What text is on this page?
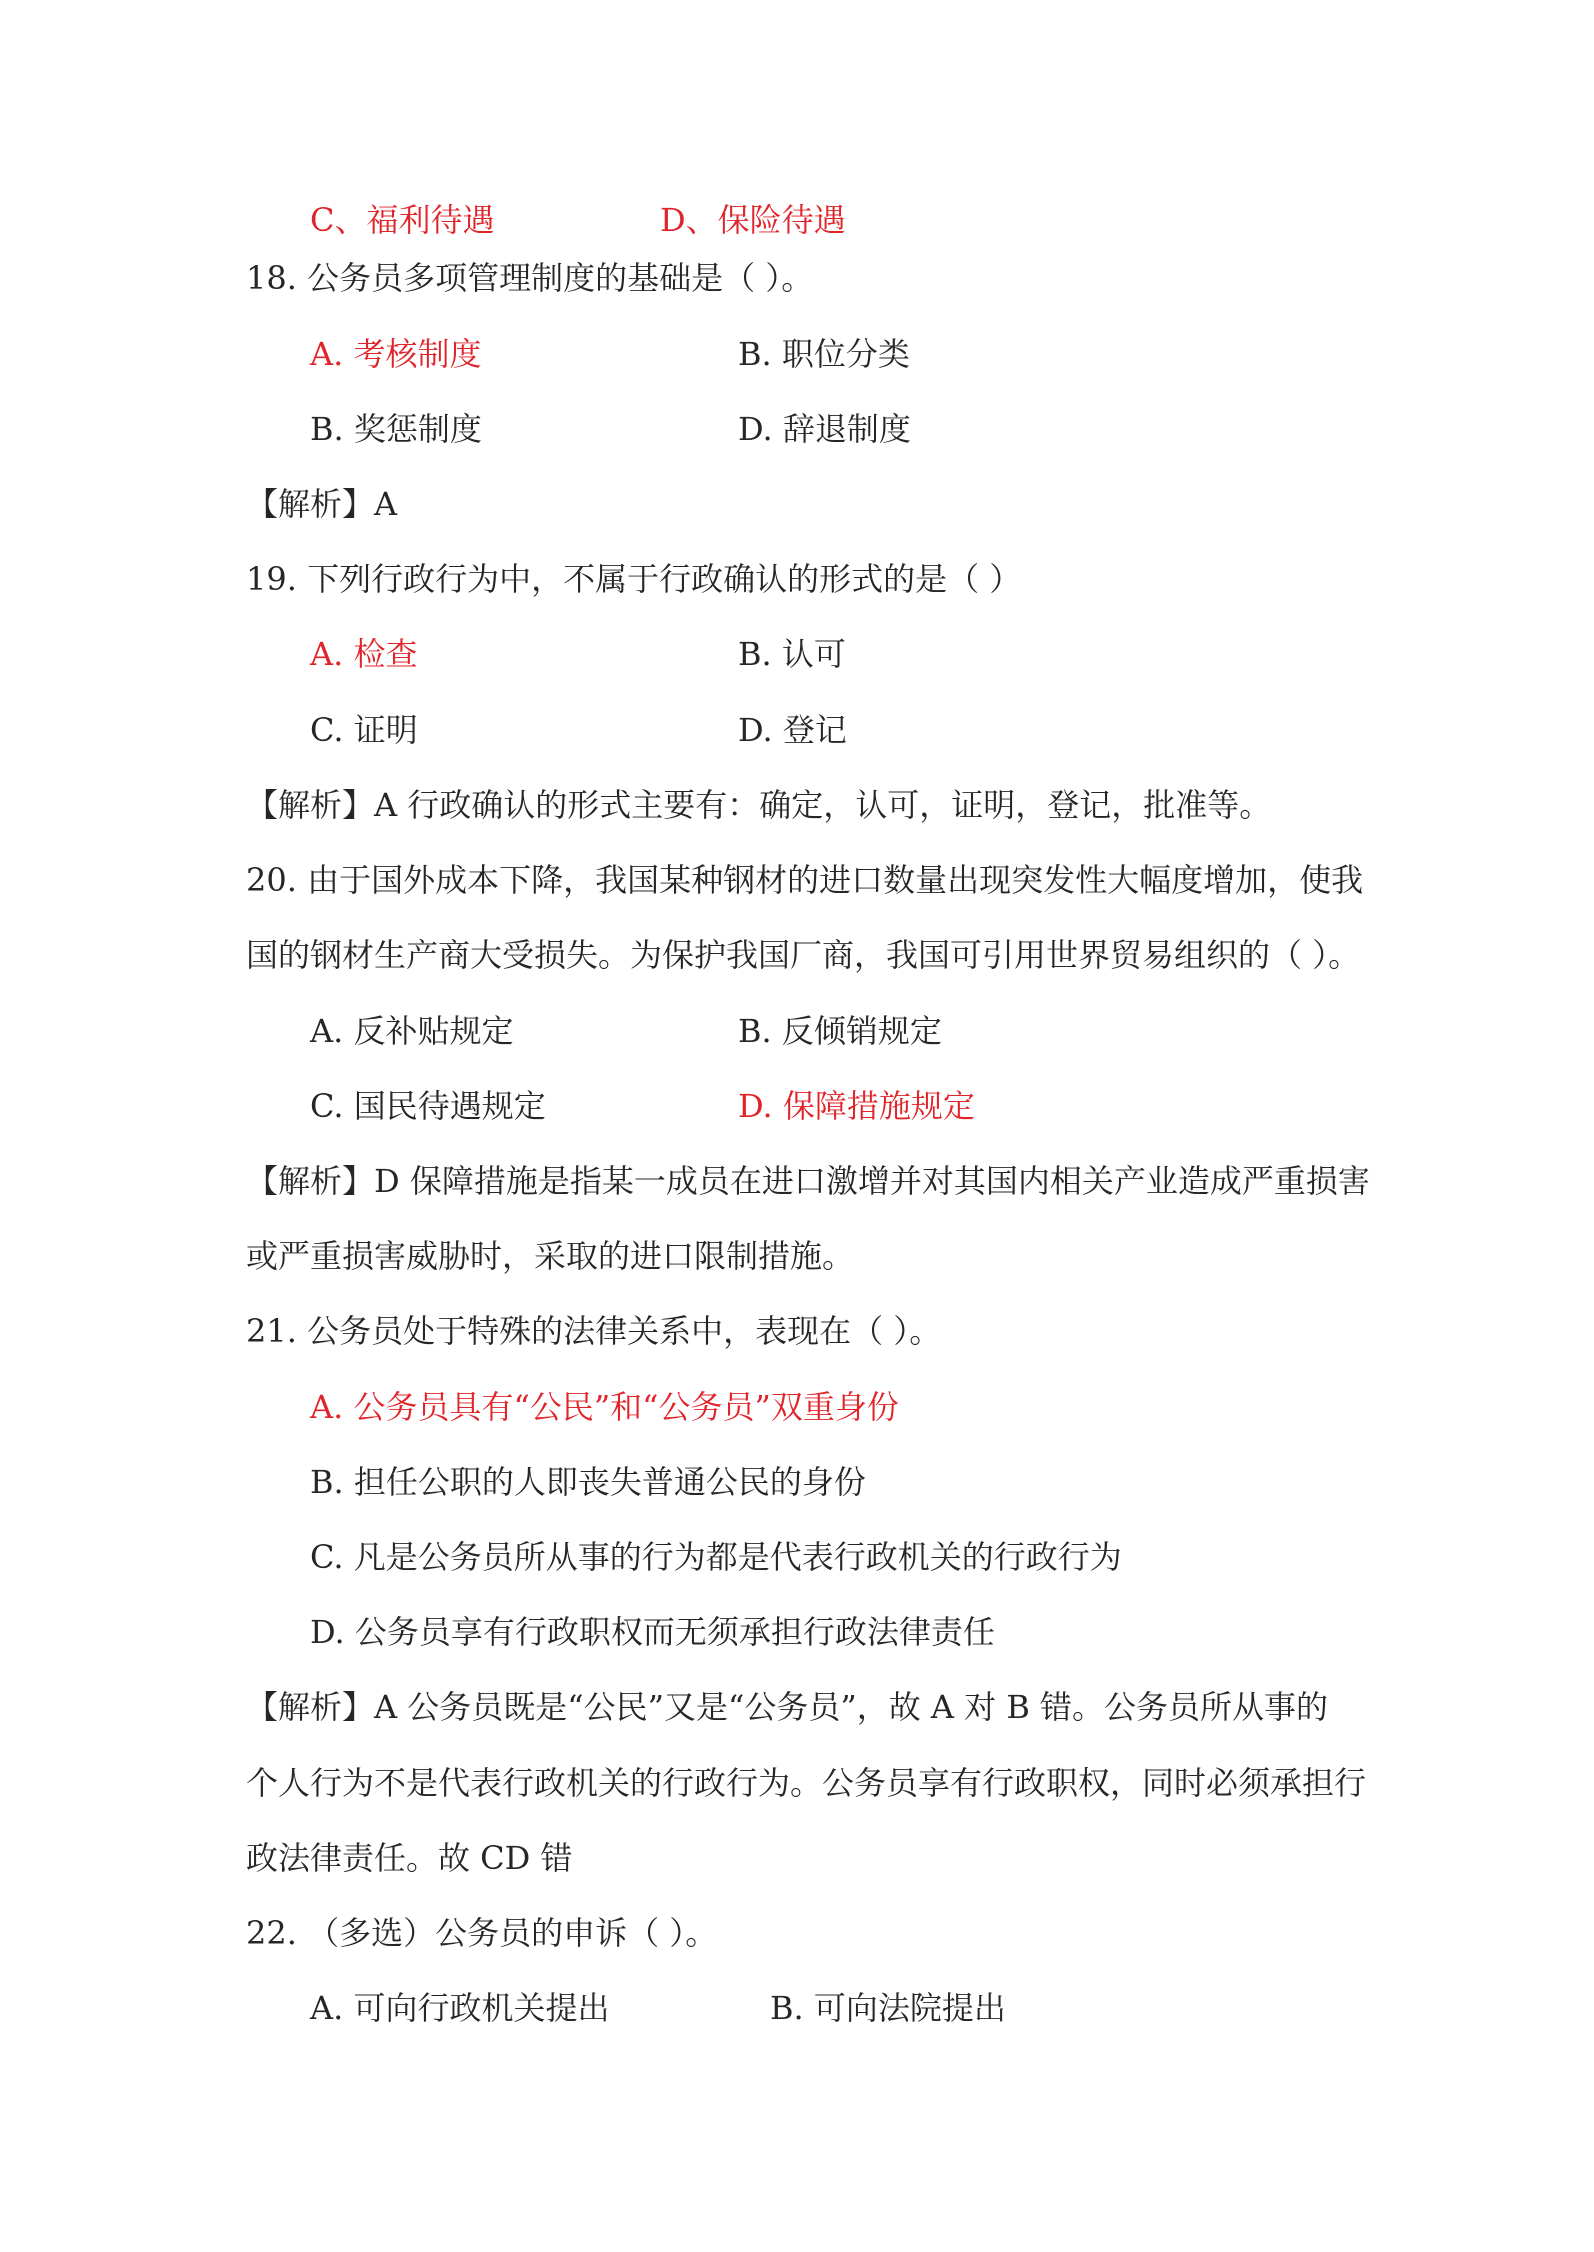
C、福利待遇	D、保险待遇
18. 公务员多项管理制度的基础是（ ）。
A. 考核制度	B. 职位分类
B. 奖惩制度	D. 辞退制度
【解析】A
19. 下列行政行为中，不属于行政确认的形式的是（ ）
A. 检查	B. 认可
C. 证明	D. 登记
【解析】A 行政确认的形式主要有：确定，认可，证明，登记，批准等。
20. 由于国外成本下降，我国某种钢材的进口数量出现突发性大幅度增加，使我
国的钢材生产商大受损失。为保护我国厂商，我国可引用世界贸易组织的（ ）。
A. 反补贴规定	B. 反倾销规定
C. 国民待遇规定	D. 保障措施规定
【解析】D 保障措施是指某一成员在进口激增并对其国内相关产业造成严重损害
或严重损害威胁时，采取的进口限制措施。
21. 公务员处于特殊的法律关系中，表现在（ ）。
A. 公务员具有“公民”和“公务员”双重身份
B. 担任公职的人即丧失普通公民的身份
C. 凡是公务员所从事的行为都是代表行政机关的行政行为
D. 公务员享有行政职权而无须承担行政法律责任
【解析】A 公务员既是“公民”又是“公务员”，故 A 对 B 错。公务员所从事的
个人行为不是代表行政机关的行政行为。公务员享有行政职权，同时必须承担行
政法律责任。故 CD 错
22. （多选）公务员的申诉（ ）。
A. 可向行政机关提出	B. 可向法院提出
